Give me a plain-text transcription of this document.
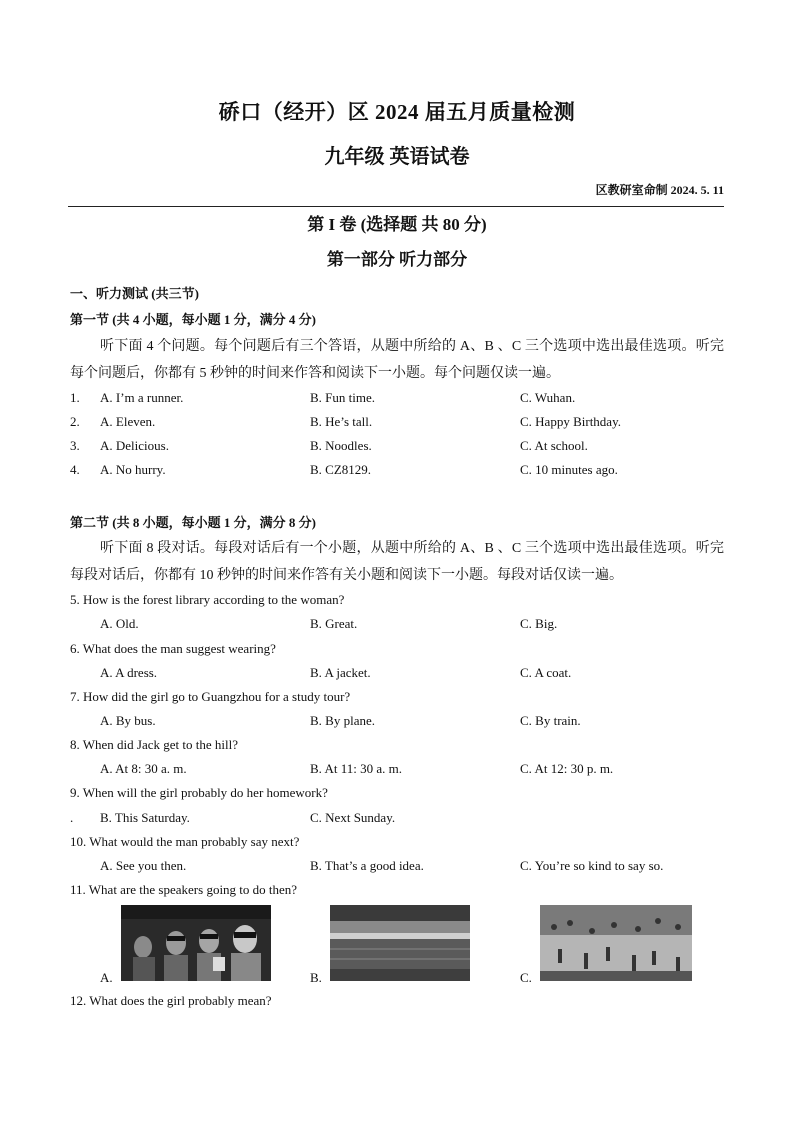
硚口（经开）区 2024 届五月质量检测
九年级 英语试卷
区教研室命制 2024. 5. 11
第 I 卷 (选择题 共 80 分)
第一部分 听力部分
一、听力测试 (共三节)
第一节 (共 4 小题，每小题 1 分，满分 4 分)
听下面 4 个问题。每个问题后有三个答语，从题中所给的 A、B 、C 三个选项中选出最佳选项。听完每个问题后，你都有 5 秒钟的时间来作答和阅读下一小题。每个问题仅读一遍。
1. A. I’m a runner.	B. Fun time.	C. Wuhan.
2. A. Eleven.	B. He’s tall.	C. Happy Birthday.
3. A. Delicious.	B. Noodles.	C. At school.
4. A. No hurry.	B. CZ8129.	C. 10 minutes ago.
第二节 (共 8 小题，每小题 1 分，满分 8 分)
听下面 8 段对话。每段对话后有一个小题，从题中所给的 A、B 、C 三个选项中选出最佳选项。听完每段对话后，你都有 10 秒钟的时间来作答有关小题和阅读下一小题。每段对话仅读一遍。
5. How is the forest library according to the woman?
A. Old.	B. Great.	C. Big.
6. What does the man suggest wearing?
A. A dress.	B. A jacket.	C. A coat.
7. How did the girl go to Guangzhou for a study tour?
A. By bus.	B. By plane.	C. By train.
8. When did Jack get to the hill?
A. At 8: 30 a. m.	B. At 11: 30 a. m.	C. At 12: 30 p. m.
9. When will the girl probably do her homework?
. B. This Saturday.	C. Next Sunday.
10. What would the man probably say next?
A. See you then.	B. That’s a good idea.	C. You’re so kind to say so.
11. What are the speakers going to do then?
A.	B.	C.
12. What does the girl probably mean?
